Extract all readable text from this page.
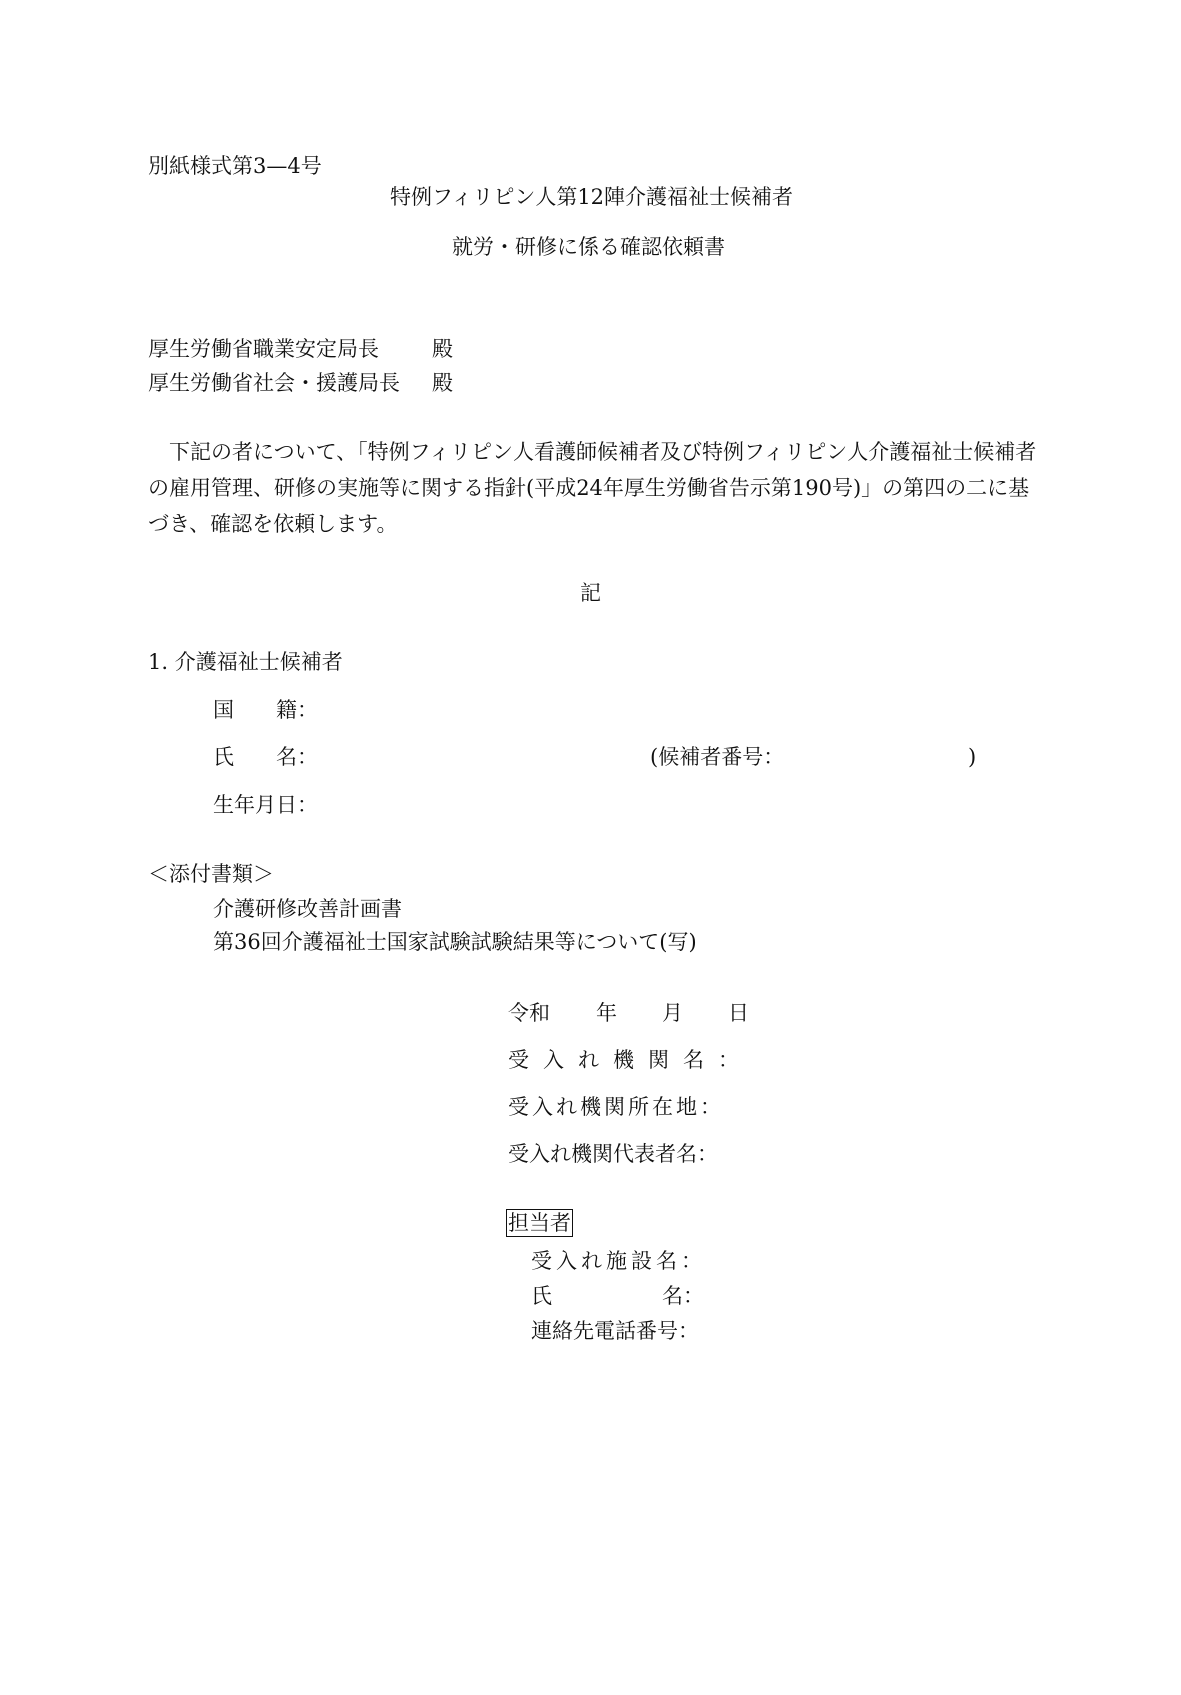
別紙様式第3—4号
特例フィリピン人第12陣介護福祉士候補者
就労・研修に係る確認依頼書
厚生労働省職業安定局長	殿
厚生労働省社会・援護局長 殿

下記の者について、「特例フィリピン人看護師候補者及び特例フィリピン人介護福祉士候補者の雇用管理、研修の実施等に関する指針(平成24年厚生労働省告示第190号)」の第四の二に基づき、確認を依頼します。

記
1. 介護福祉士候補者
国　　籍：
氏　　名：	(候補者番号：	)
生年月日：
＜添付書類＞
介護研修改善計画書
第36回介護福祉士国家試験試験結果等について(写)
令和 年 月 日
受入れ機関名：
受入れ機関所在地：
受入れ機関代表者名：
担当者
受入れ施設名：
氏	名：
連絡先電話番号：
